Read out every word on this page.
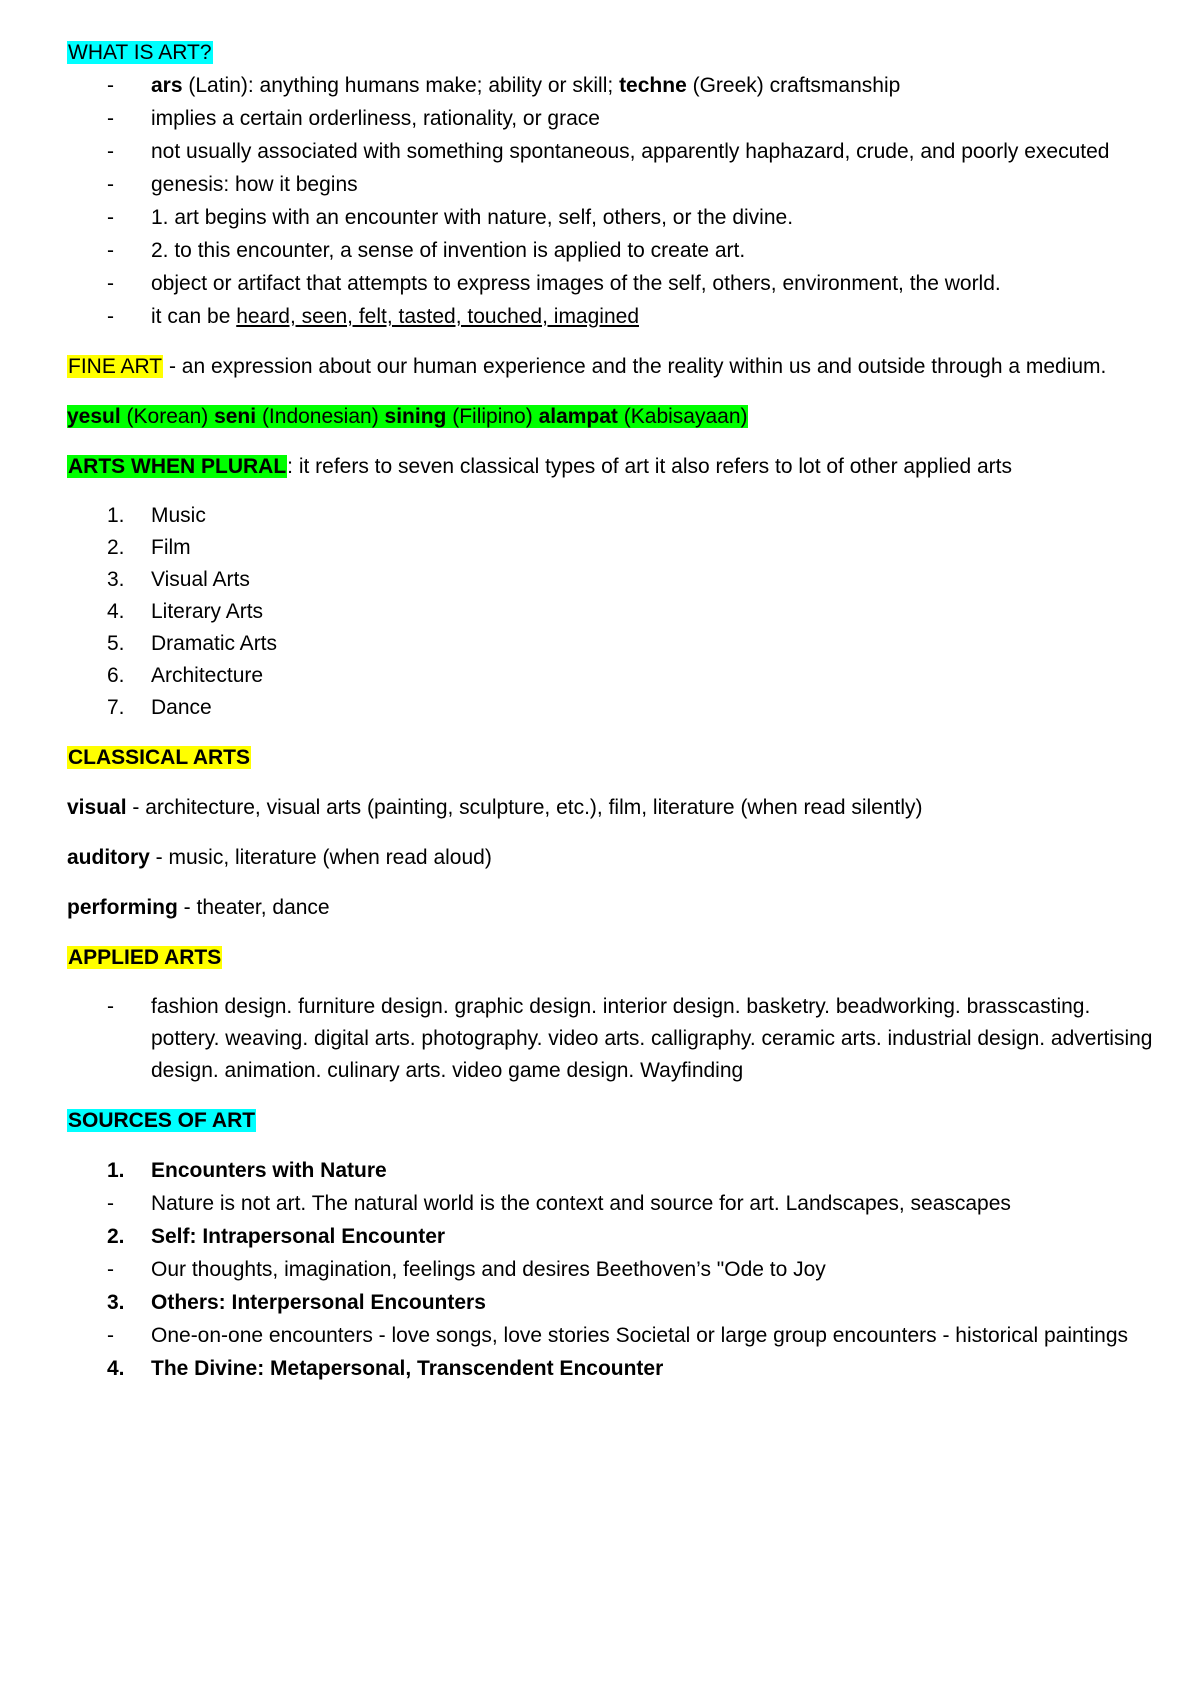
WHAT IS ART?

- ars (Latin): anything humans make; ability or skill; techne (Greek) craftsmanship
- implies a certain orderliness, rationality, or grace
- not usually associated with something spontaneous, apparently haphazard, crude, and poorly executed
- genesis: how it begins
- 1. art begins with an encounter with nature, self, others, or the divine.
- 2. to this encounter, a sense of invention is applied to create art.
- object or artifact that attempts to express images of the self, others, environment, the world.
- it can be heard, seen, felt, tasted, touched, imagined

FINE ART - an expression about our human experience and the reality within us and outside through a medium.

yesul (Korean) seni (Indonesian) sining (Filipino) alampat (Kabisayaan)

ARTS WHEN PLURAL: it refers to seven classical types of art it also refers to lot of other applied arts

1. Music
2. Film
3. Visual Arts
4. Literary Arts
5. Dramatic Arts
6. Architecture
7. Dance

CLASSICAL ARTS

visual - architecture, visual arts (painting, sculpture, etc.), film, literature (when read silently)

auditory - music, literature (when read aloud)

performing - theater, dance

APPLIED ARTS

- fashion design. furniture design. graphic design. interior design. basketry. beadworking. brasscasting. pottery. weaving. digital arts. photography. video arts. calligraphy. ceramic arts. industrial design. advertising design. animation. culinary arts. video game design. Wayfinding

SOURCES OF ART

1. Encounters with Nature
- Nature is not art. The natural world is the context and source for art. Landscapes, seascapes
2. Self: Intrapersonal Encounter
- Our thoughts, imagination, feelings and desires Beethoven’s "Ode to Joy
3. Others: Interpersonal Encounters
- One-on-one encounters - love songs, love stories Societal or large group encounters - historical paintings
4. The Divine: Metapersonal, Transcendent Encounter
